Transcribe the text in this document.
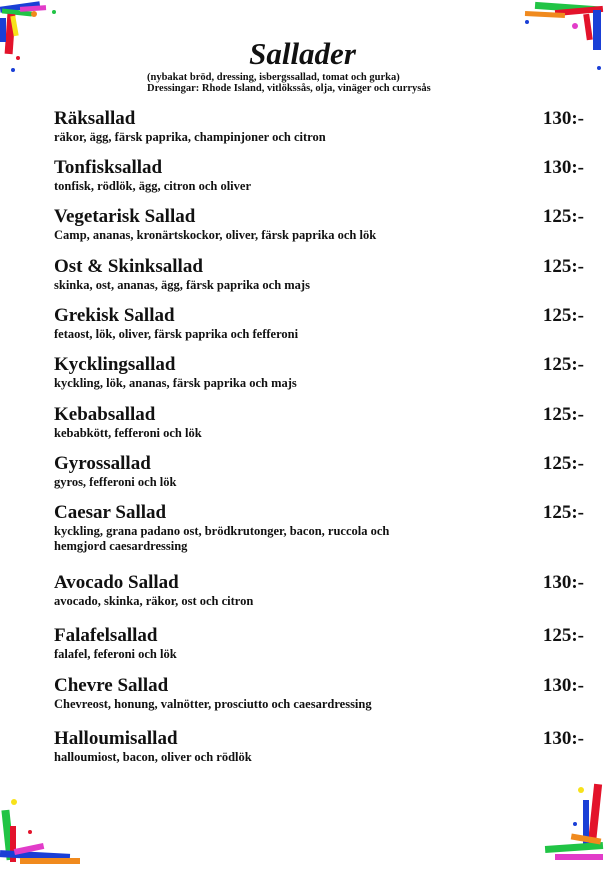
Sallader
(nybakat bröd, dressing, isbergssallad, tomat och gurka)
Dressingar: Rhode Island, vitlökssås, olja, vinäger och currysås
Räksallad	130:-
räkor, ägg, färsk paprika, champinjoner och citron
Tonfisksallad	130:-
tonfisk, rödlök, ägg, citron och oliver
Vegetarisk Sallad	125:-
Camp, ananas, kronärtskockor, oliver, färsk paprika och lök
Ost & Skinksallad	125:-
skinka, ost, ananas, ägg, färsk paprika och majs
Grekisk Sallad	125:-
fetaost, lök, oliver, färsk paprika och fefferoni
Kycklingsallad	125:-
kyckling, lök, ananas, färsk paprika och majs
Kebabsallad	125:-
kebabkött, fefferoni och lök
Gyrossallad	125:-
gyros, fefferoni och lök
Caesar Sallad	125:-
kyckling, grana padano ost, brödkrutonger, bacon, ruccola och hemgjord caesardressing
Avocado Sallad	130:-
avocado, skinka, räkor, ost och citron
Falafelsallad	125:-
falafel, feferoni och lök
Chevre Sallad	130:-
Chevreost, honung, valnötter, prosciutto och caesardressing
Halloumisallad	130:-
halloumiost, bacon, oliver och rödlök
